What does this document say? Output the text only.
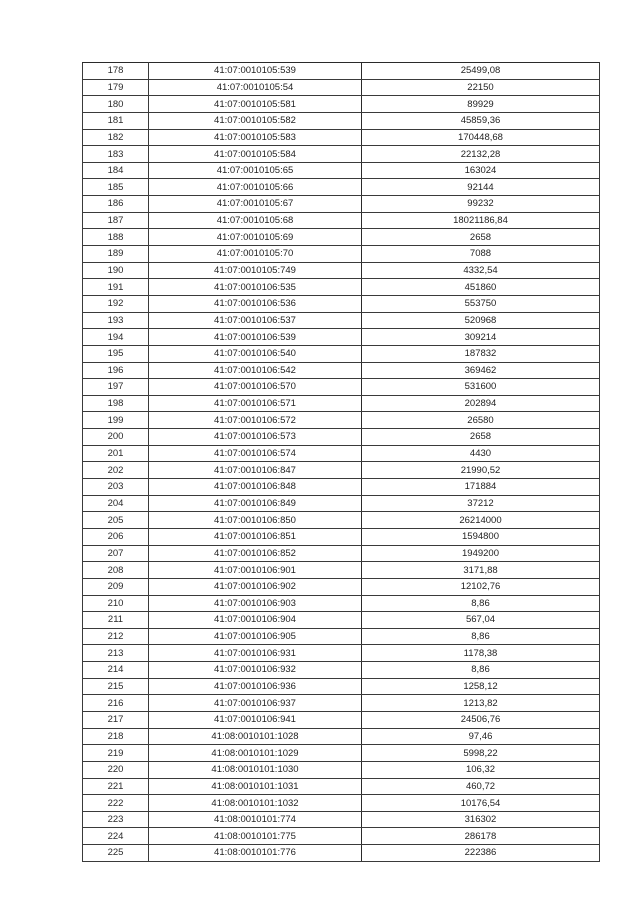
178	41:07:0010105:539	25499,08
179	41:07:0010105:54	22150
180	41:07:0010105:581	89929
181	41:07:0010105:582	45859,36
182	41:07:0010105:583	170448,68
183	41:07:0010105:584	22132,28
184	41:07:0010105:65	163024
185	41:07:0010105:66	92144
186	41:07:0010105:67	99232
187	41:07:0010105:68	18021186,84
188	41:07:0010105:69	2658
189	41:07:0010105:70	7088
190	41:07:0010105:749	4332,54
191	41:07:0010106:535	451860
192	41:07:0010106:536	553750
193	41:07:0010106:537	520968
194	41:07:0010106:539	309214
195	41:07:0010106:540	187832
196	41:07:0010106:542	369462
197	41:07:0010106:570	531600
198	41:07:0010106:571	202894
199	41:07:0010106:572	26580
200	41:07:0010106:573	2658
201	41:07:0010106:574	4430
202	41:07:0010106:847	21990,52
203	41:07:0010106:848	171884
204	41:07:0010106:849	37212
205	41:07:0010106:850	26214000
206	41:07:0010106:851	1594800
207	41:07:0010106:852	1949200
208	41:07:0010106:901	3171,88
209	41:07:0010106:902	12102,76
210	41:07:0010106:903	8,86
211	41:07:0010106:904	567,04
212	41:07:0010106:905	8,86
213	41:07:0010106:931	1178,38
214	41:07:0010106:932	8,86
215	41:07:0010106:936	1258,12
216	41:07:0010106:937	1213,82
217	41:07:0010106:941	24506,76
218	41:08:0010101:1028	97,46
219	41:08:0010101:1029	5998,22
220	41:08:0010101:1030	106,32
221	41:08:0010101:1031	460,72
222	41:08:0010101:1032	10176,54
223	41:08:0010101:774	316302
224	41:08:0010101:775	286178
225	41:08:0010101:776	222386
